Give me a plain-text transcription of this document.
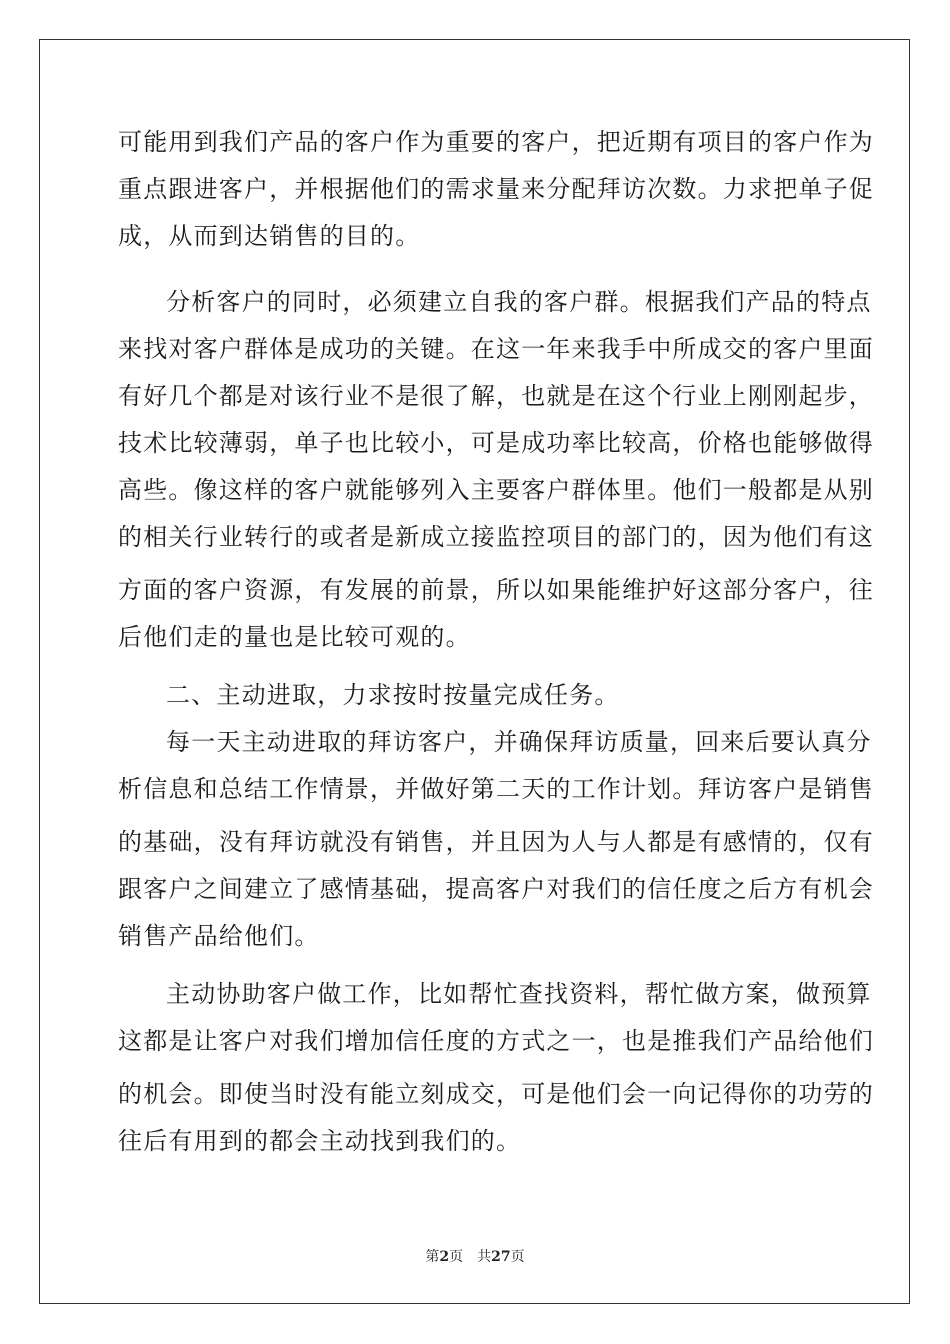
可能用到我们产品的客户作为重要的客户，把近期有项目的客户作为
重点跟进客户，并根据他们的需求量来分配拜访次数。力求把单子促
成，从而到达销售的目的。
分析客户的同时，必须建立自我的客户群。根据我们产品的特点
来找对客户群体是成功的关键。在这一年来我手中所成交的客户里面
有好几个都是对该行业不是很了解，也就是在这个行业上刚刚起步，
技术比较薄弱，单子也比较小，可是成功率比较高，价格也能够做得
高些。像这样的客户就能够列入主要客户群体里。他们一般都是从别
的相关行业转行的或者是新成立接监控项目的部门的，因为他们有这
方面的客户资源，有发展的前景，所以如果能维护好这部分客户，往
后他们走的量也是比较可观的。
二、主动进取，力求按时按量完成任务。
每一天主动进取的拜访客户，并确保拜访质量，回来后要认真分
析信息和总结工作情景，并做好第二天的工作计划。拜访客户是销售
的基础，没有拜访就没有销售，并且因为人与人都是有感情的，仅有
跟客户之间建立了感情基础，提高客户对我们的信任度之后方有机会
销售产品给他们。
主动协助客户做工作，比如帮忙查找资料，帮忙做方案，做预算
这都是让客户对我们增加信任度的方式之一，也是推我们产品给他们
的机会。即使当时没有能立刻成交，可是他们会一向记得你的功劳的
往后有用到的都会主动找到我们的。
第2页 共27页
